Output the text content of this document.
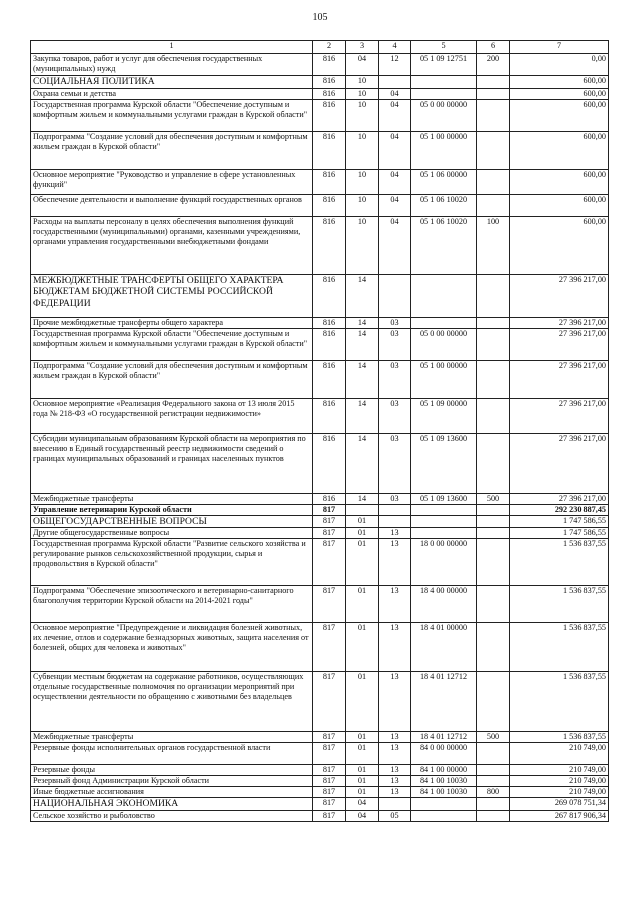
105
1	2	3	4	5	6	7
Закупка товаров, работ и услуг для обеспечения государственных (муниципальных) нужд	816	04	12	05 1 09 12751	200	0,00
СОЦИАЛЬНАЯ ПОЛИТИКА	816	10				600,00
Охрана семьи и детства	816	10	04			600,00
Государственная программа Курской области "Обеспечение доступным и комфортным жильем и коммунальными услугами граждан в Курской области"	816	10	04	05 0 00 00000		600,00
Подпрограмма "Создание условий для обеспечения доступным и комфортным жильем граждан в Курской области"	816	10	04	05 1 00 00000		600,00
Основное мероприятие "Руководство и управление в сфере установленных функций"	816	10	04	05 1 06 00000		600,00
Обеспечение деятельности и выполнение функций государственных органов	816	10	04	05 1 06 10020		600,00
Расходы на выплаты персоналу в целях обеспечения выполнения функций государственными (муниципальными) органами, казенными учреждениями, органами управления государственными внебюджетными фондами	816	10	04	05 1 06 10020	100	600,00
МЕЖБЮДЖЕТНЫЕ ТРАНСФЕРТЫ ОБЩЕГО ХАРАКТЕРА БЮДЖЕТАМ БЮДЖЕТНОЙ СИСТЕМЫ РОССИЙСКОЙ ФЕДЕРАЦИИ	816	14				27 396 217,00
Прочие межбюджетные трансферты общего характера	816	14	03			27 396 217,00
Государственная программа Курской области "Обеспечение доступным и комфортным жильем и коммунальными услугами граждан в Курской области"	816	14	03	05 0 00 00000		27 396 217,00
Подпрограмма "Создание условий для обеспечения доступным и комфортным жильем граждан в Курской области"	816	14	03	05 1 00 00000		27 396 217,00
Основное мероприятие «Реализация Федерального закона от 13 июля 2015 года № 218-ФЗ «О государственной регистрации недвижимости»	816	14	03	05 1 09 00000		27 396 217,00
Субсидии муниципальным образованиям Курской области на мероприятия по внесению в Единый государственный реестр недвижимости сведений о границах муниципальных образований и границах населенных пунктов	816	14	03	05 1 09 13600		27 396 217,00
Межбюджетные трансферты	816	14	03	05 1 09 13600	500	27 396 217,00
Управление ветеринарии Курской области	817					292 230 887,45
ОБЩЕГОСУДАРСТВЕННЫЕ ВОПРОСЫ	817	01				1 747 586,55
Другие общегосударственные вопросы	817	01	13			1 747 586,55
Государственная программа Курской области "Развитие сельского хозяйства и регулирование рынков сельскохозяйственной продукции, сырья и продовольствия в Курской области"	817	01	13	18 0 00 00000		1 536 837,55
Подпрограмма "Обеспечение эпизоотического и ветеринарно-санитарного благополучия территории Курской области на 2014-2021 годы"	817	01	13	18 4 00 00000		1 536 837,55
Основное мероприятие "Предупреждение и ликвидация болезней животных, их лечение, отлов и содержание безнадзорных животных, защита населения от болезней, общих для человека и животных"	817	01	13	18 4 01 00000		1 536 837,55
Субвенции местным бюджетам на содержание работников, осуществляющих отдельные государственные полномочия по организации мероприятий при осуществлении деятельности по обращению с животными без владельцев	817	01	13	18 4 01 12712		1 536 837,55
Межбюджетные трансферты	817	01	13	18 4 01 12712	500	1 536 837,55
Резервные фонды исполнительных органов государственной власти	817	01	13	84 0 00 00000		210 749,00
Резервные фонды	817	01	13	84 1 00 00000		210 749,00
Резервный фонд Администрации Курской области	817	01	13	84 1 00 10030		210 749,00
Иные бюджетные ассигнования	817	01	13	84 1 00 10030	800	210 749,00
НАЦИОНАЛЬНАЯ ЭКОНОМИКА	817	04				269 078 751,34
Сельское хозяйство и рыболовство	817	04	05			267 817 906,34
